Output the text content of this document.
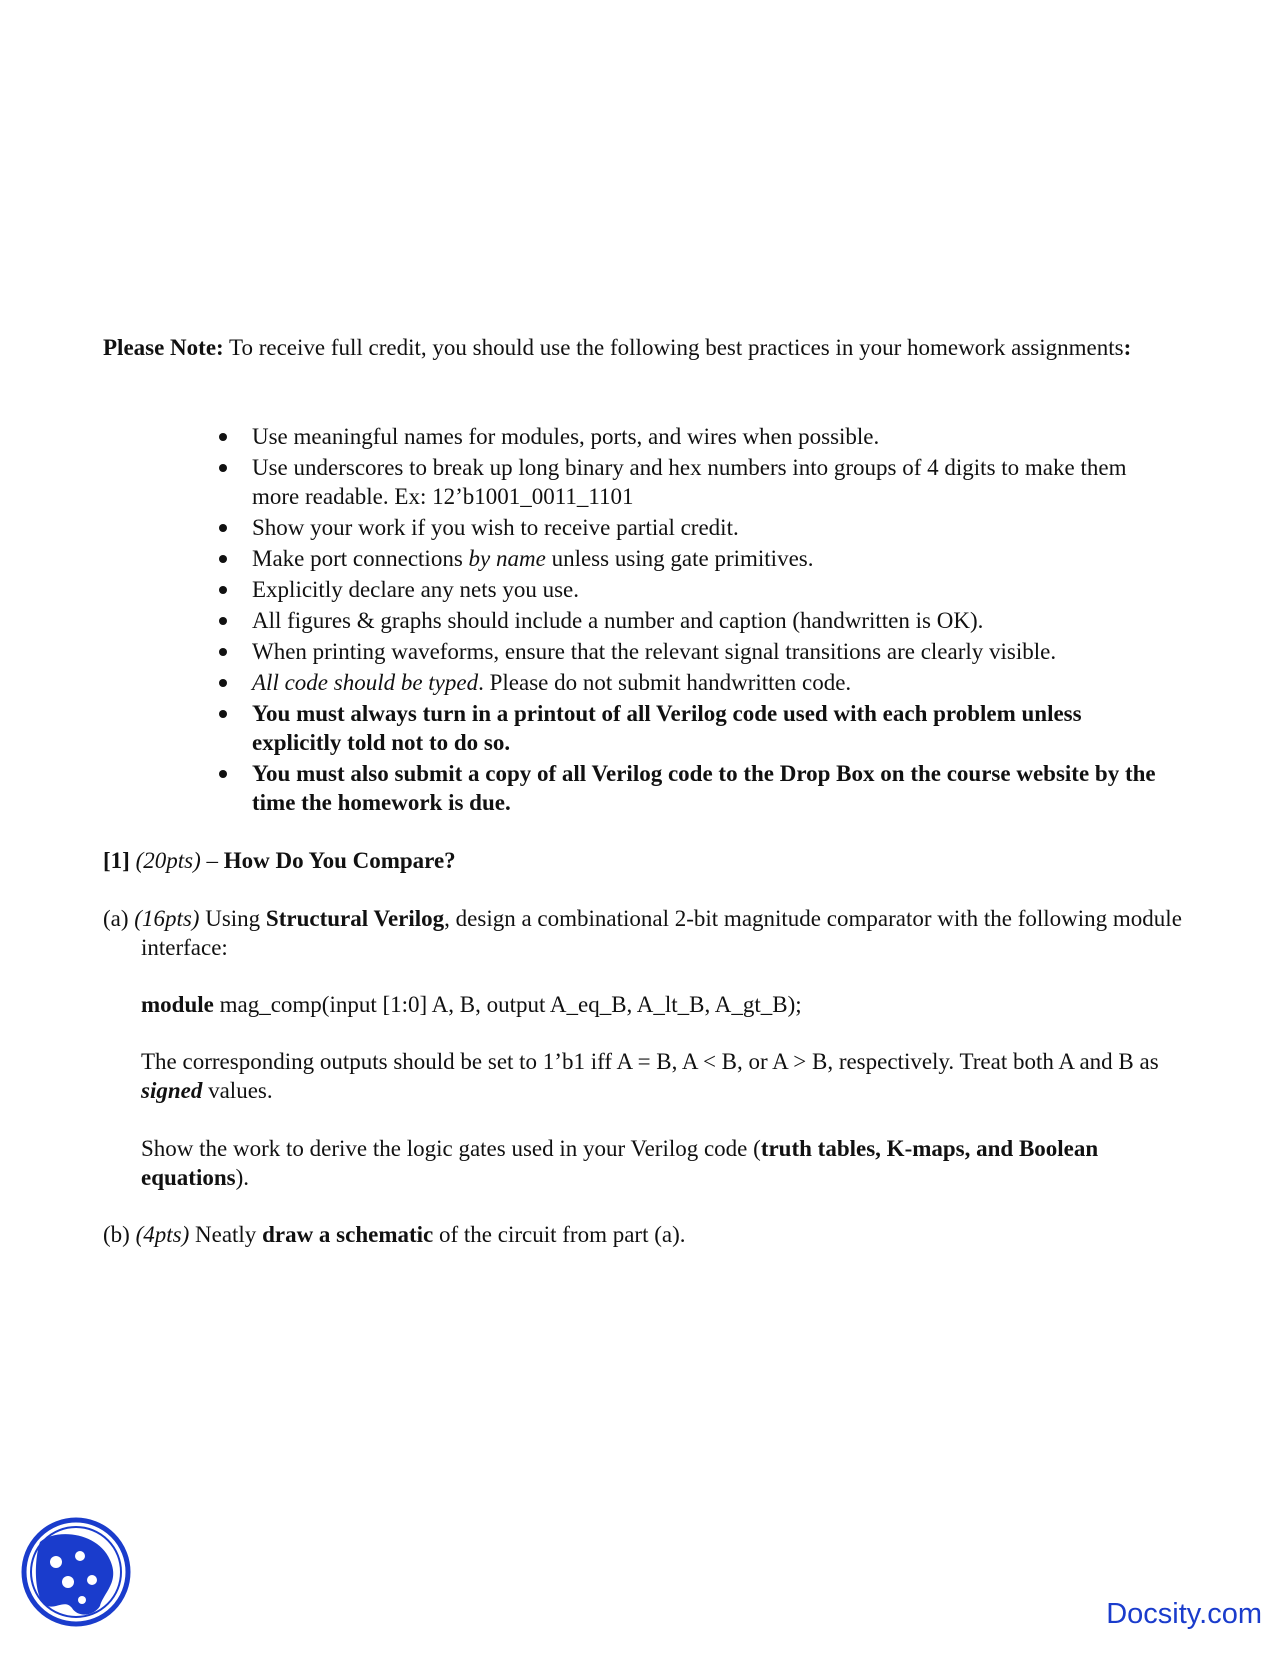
Please Note: To receive full credit, you should use the following best practices in your homework assignments:

Use meaningful names for modules, ports, and wires when possible.
Use underscores to break up long binary and hex numbers into groups of 4 digits to make them more readable. Ex: 12’b1001_0011_1101
Show your work if you wish to receive partial credit.
Make port connections by name unless using gate primitives.
Explicitly declare any nets you use.
All figures & graphs should include a number and caption (handwritten is OK).
When printing waveforms, ensure that the relevant signal transitions are clearly visible.
All code should be typed. Please do not submit handwritten code.
You must always turn in a printout of all Verilog code used with each problem unless explicitly told not to do so.
You must also submit a copy of all Verilog code to the Drop Box on the course website by the time the homework is due.

[1] (20pts) – How Do You Compare?

(a) (16pts) Using Structural Verilog, design a combinational 2-bit magnitude comparator with the following module interface:

module mag_comp(input [1:0] A, B, output A_eq_B, A_lt_B, A_gt_B);

The corresponding outputs should be set to 1’b1 iff A = B, A < B, or A > B, respectively. Treat both A and B as signed values.

Show the work to derive the logic gates used in your Verilog code (truth tables, K-maps, and Boolean equations).

(b) (4pts) Neatly draw a schematic of the circuit from part (a).

Docsity.com
